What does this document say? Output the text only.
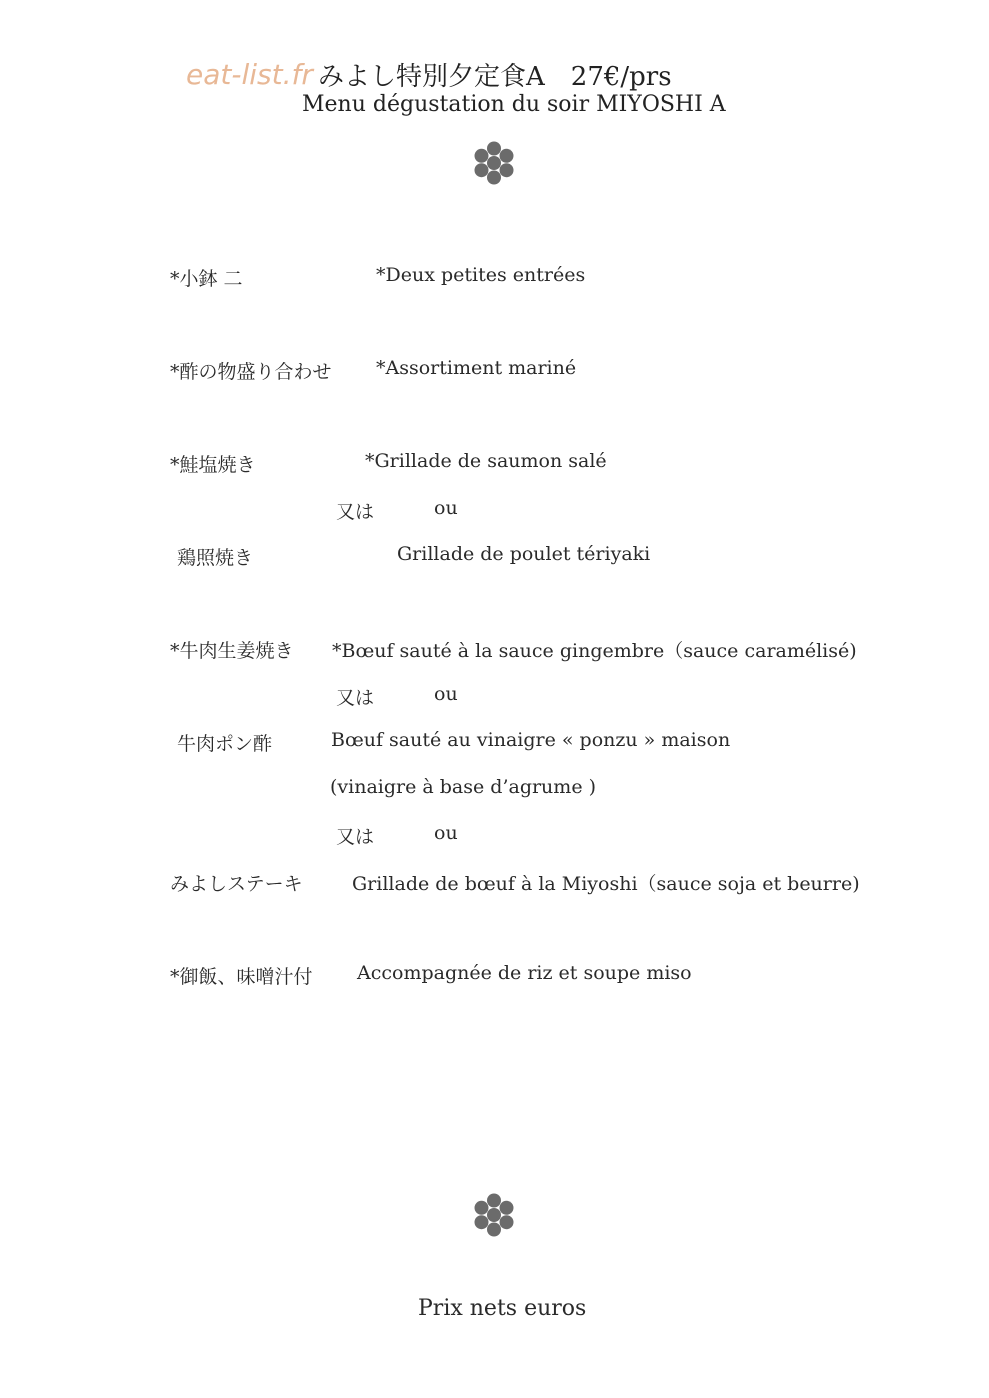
eat-list.fr みよし特別夕定食A　27€/prs
Menu dégustation du soir MIYOSHI A
*小鉢 二	*Deux petites entrées
*酢の物盛り合わせ *Assortiment mariné
*鮭塩焼き	*Grillade de saumon salé
又は	ou
鶏照焼き	Grillade de poulet tériyaki
*牛肉生姜焼き *Bœuf sauté à la sauce gingembre（sauce caramélisé)
又は	ou
牛肉ポン酢	Bœuf sauté au vinaigre « ponzu » maison
(vinaigre à base d’agrume )
又は	ou
みよしステーキ	Grillade de bœuf à la Miyoshi（sauce soja et beurre)
*御飯、味噌汁付 Accompagnée de riz et soupe miso
Prix nets euros
